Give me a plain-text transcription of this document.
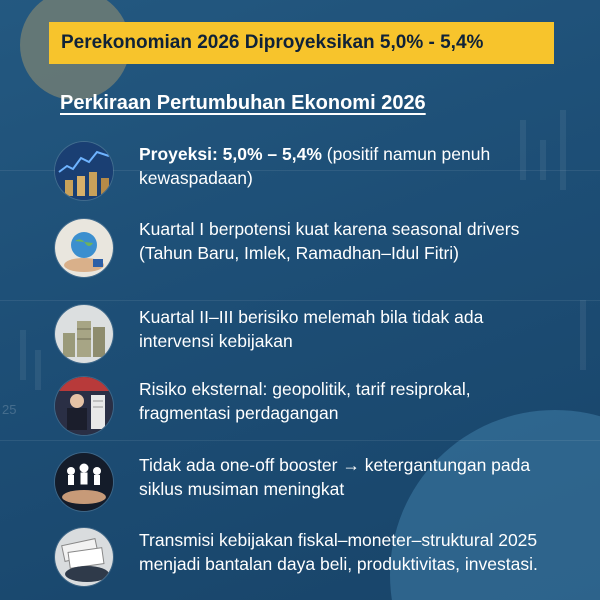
25
Perekonomian 2026 Diproyeksikan 5,0% - 5,4%
Perkiraan Pertumbuhan Ekonomi 2026
Proyeksi: 5,0% – 5,4% (positif namun penuh kewaspadaan)
Kuartal I berpotensi kuat karena seasonal drivers (Tahun Baru, Imlek, Ramadhan–Idul Fitri)
Kuartal II–III berisiko melemah bila tidak ada intervensi kebijakan
Risiko eksternal: geopolitik, tarif resiprokal, fragmentasi perdagangan
Tidak ada one-off booster → ketergantungan pada siklus musiman meningkat
Transmisi kebijakan fiskal–moneter–struktural 2025 menjadi bantalan daya beli, produktivitas, investasi.
